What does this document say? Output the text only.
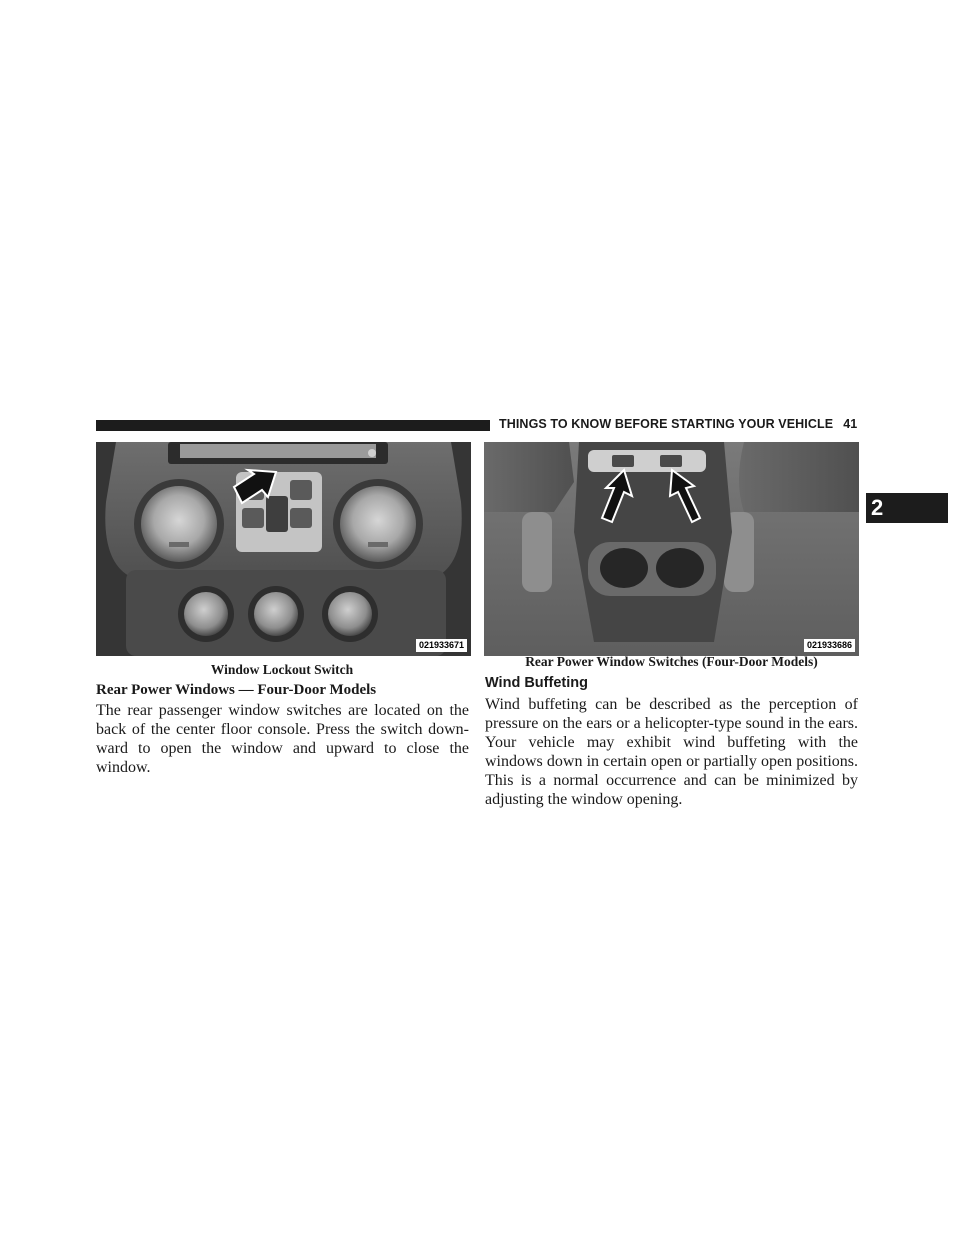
THINGS TO KNOW BEFORE STARTING YOUR VEHICLE 41
2
021933671
Window Lockout Switch
021933686
Rear Power Window Switches (Four-Door Models)
Rear Power Windows — Four-Door Models
The rear passenger window switches are located on the back of the center floor console. Press the switch downward to open the window and upward to close the window.
Wind Buffeting
Wind buffeting can be described as the perception of pressure on the ears or a helicopter-type sound in the ears. Your vehicle may exhibit wind buffeting with the windows down in certain open or partially open positions. This is a normal occurrence and can be minimized by adjusting the window opening.
